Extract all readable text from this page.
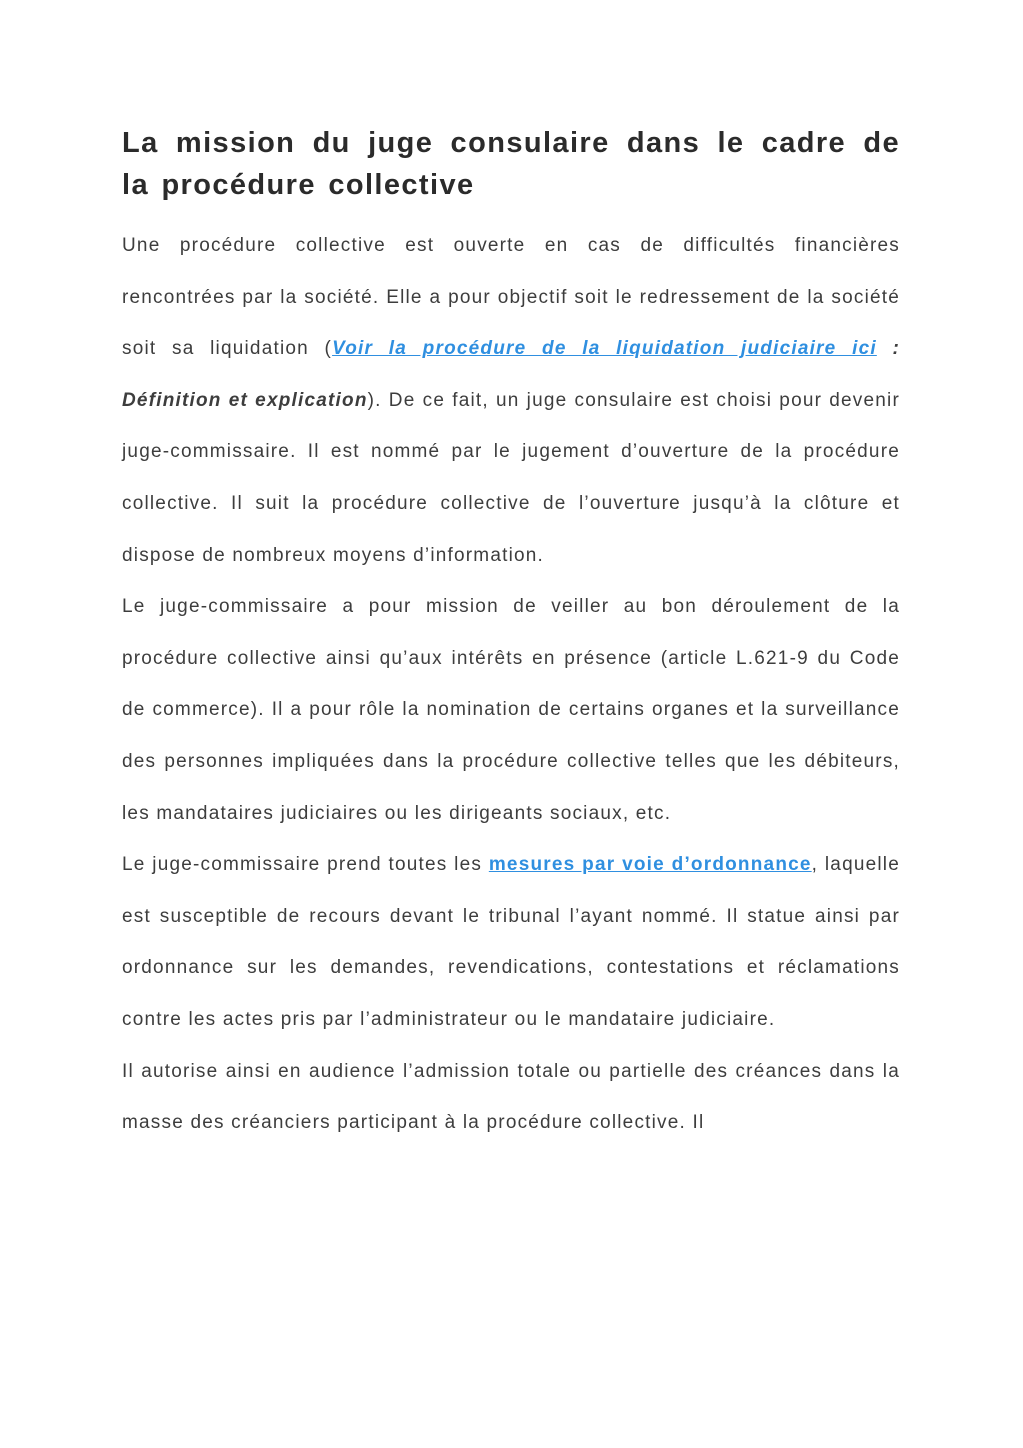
La mission du juge consulaire dans le cadre de la procédure collective

Une procédure collective est ouverte en cas de difficultés financières rencontrées par la société. Elle a pour objectif soit le redressement de la société soit sa liquidation (Voir la procédure de la liquidation judiciaire ici : Définition et explication). De ce fait, un juge consulaire est choisi pour devenir juge-commissaire. Il est nommé par le jugement d’ouverture de la procédure collective. Il suit la procédure collective de l’ouverture jusqu’à la clôture et dispose de nombreux moyens d’information.

Le juge-commissaire a pour mission de veiller au bon déroulement de la procédure collective ainsi qu’aux intérêts en présence (article L.621-9 du Code de commerce). Il a pour rôle la nomination de certains organes et la surveillance des personnes impliquées dans la procédure collective telles que les débiteurs, les mandataires judiciaires ou les dirigeants sociaux, etc.

Le juge-commissaire prend toutes les mesures par voie d’ordonnance, laquelle est susceptible de recours devant le tribunal l’ayant nommé. Il statue ainsi par ordonnance sur les demandes, revendications, contestations et réclamations contre les actes pris par l’administrateur ou le mandataire judiciaire.

Il autorise ainsi en audience l’admission totale ou partielle des créances dans la masse des créanciers participant à la procédure collective. Il
